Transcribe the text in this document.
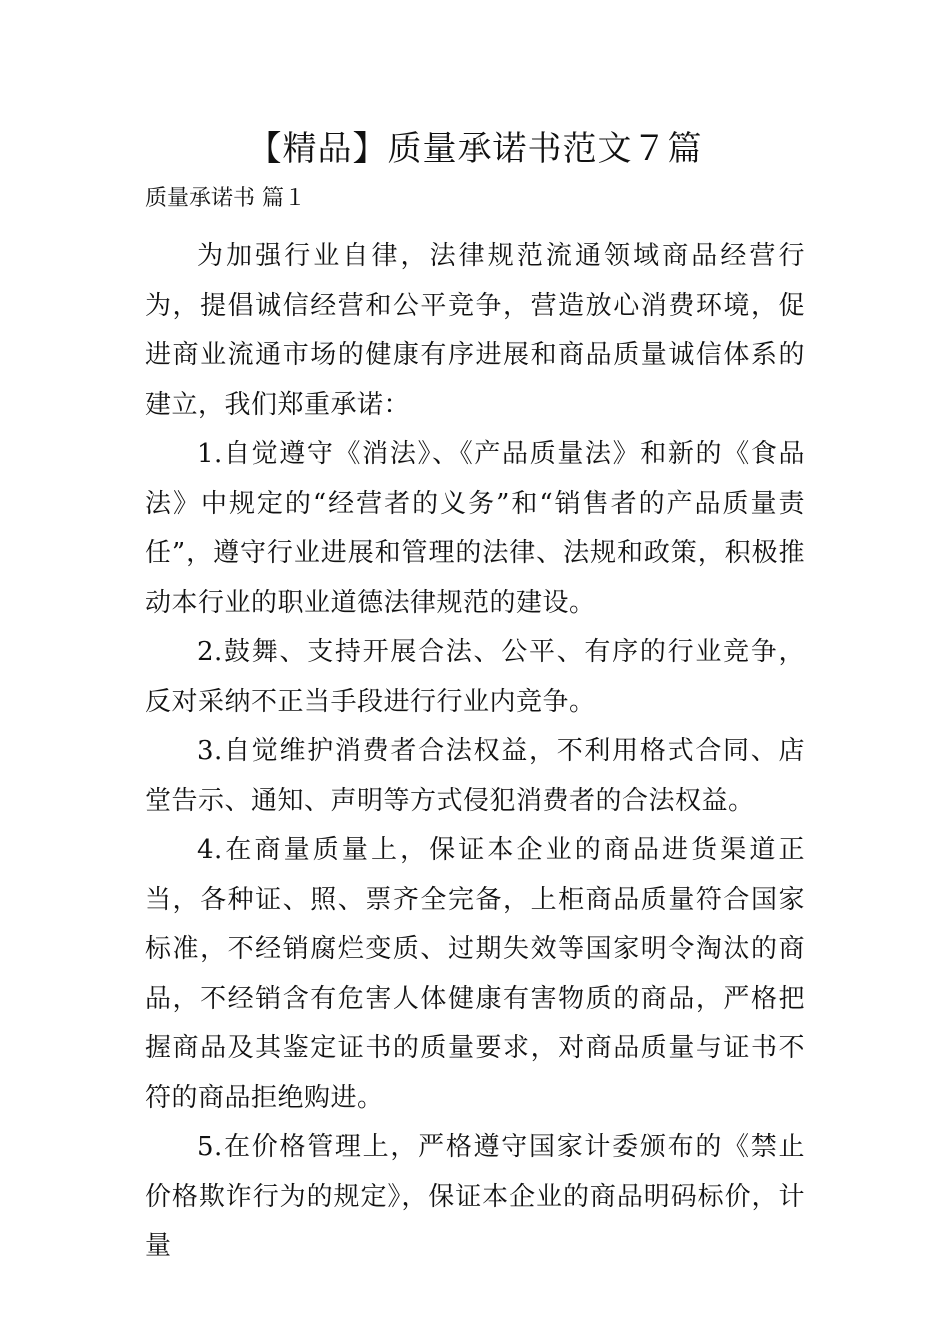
【精品】质量承诺书范文７篇
质量承诺书 篇１

为加强行业自律，法律规范流通领域商品经营行为，提倡诚信经营和公平竞争，营造放心消费环境，促进商业流通市场的健康有序进展和商品质量诚信体系的建立，我们郑重承诺：

1.自觉遵守《消法》、《产品质量法》和新的《食品法》中规定的“经营者的义务”和“销售者的产品质量责任”，遵守行业进展和管理的法律、法规和政策，积极推动本行业的职业道德法律规范的建设。

2.鼓舞、支持开展合法、公平、有序的行业竞争，反对采纳不正当手段进行行业内竞争。

3.自觉维护消费者合法权益，不利用格式合同、店堂告示、通知、声明等方式侵犯消费者的合法权益。

4.在商量质量上，保证本企业的商品进货渠道正当，各种证、照、票齐全完备，上柜商品质量符合国家标准，不经销腐烂变质、过期失效等国家明令淘汰的商品，不经销含有危害人体健康有害物质的商品，严格把握商品及其鉴定证书的质量要求，对商品质量与证书不符的商品拒绝购进。

5.在价格管理上，严格遵守国家计委颁布的《禁止价格欺诈行为的规定》，保证本企业的商品明码标价，计量
